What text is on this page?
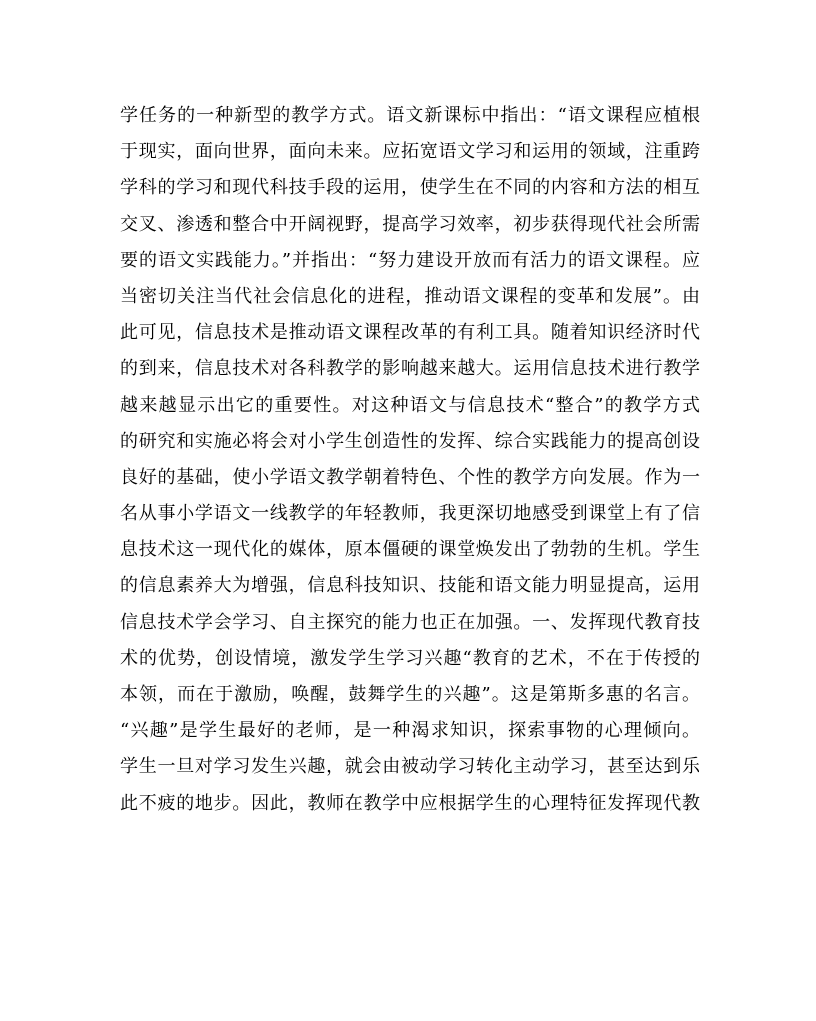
学任务的一种新型的教学方式。语文新课标中指出：“语文课程应植根
于现实，面向世界，面向未来。应拓宽语文学习和运用的领域，注重跨
学科的学习和现代科技手段的运用，使学生在不同的内容和方法的相互
交叉、渗透和整合中开阔视野，提高学习效率，初步获得现代社会所需
要的语文实践能力。”并指出：“努力建设开放而有活力的语文课程。应
当密切关注当代社会信息化的进程，推动语文课程的变革和发展”。由
此可见，信息技术是推动语文课程改革的有利工具。随着知识经济时代
的到来，信息技术对各科教学的影响越来越大。运用信息技术进行教学
越来越显示出它的重要性。对这种语文与信息技术“整合”的教学方式
的研究和实施必将会对小学生创造性的发挥、综合实践能力的提高创设
良好的基础，使小学语文教学朝着特色、个性的教学方向发展。作为一
名从事小学语文一线教学的年轻教师，我更深切地感受到课堂上有了信
息技术这一现代化的媒体，原本僵硬的课堂焕发出了勃勃的生机。学生
的信息素养大为增强，信息科技知识、技能和语文能力明显提高，运用
信息技术学会学习、自主探究的能力也正在加强。一、发挥现代教育技
术的优势，创设情境，激发学生学习兴趣“教育的艺术，不在于传授的
本领，而在于激励，唤醒，鼓舞学生的兴趣”。这是第斯多惠的名言。
“兴趣”是学生最好的老师，是一种渴求知识，探索事物的心理倾向。
学生一旦对学习发生兴趣，就会由被动学习转化主动学习，甚至达到乐
此不疲的地步。因此，教师在教学中应根据学生的心理特征发挥现代教
